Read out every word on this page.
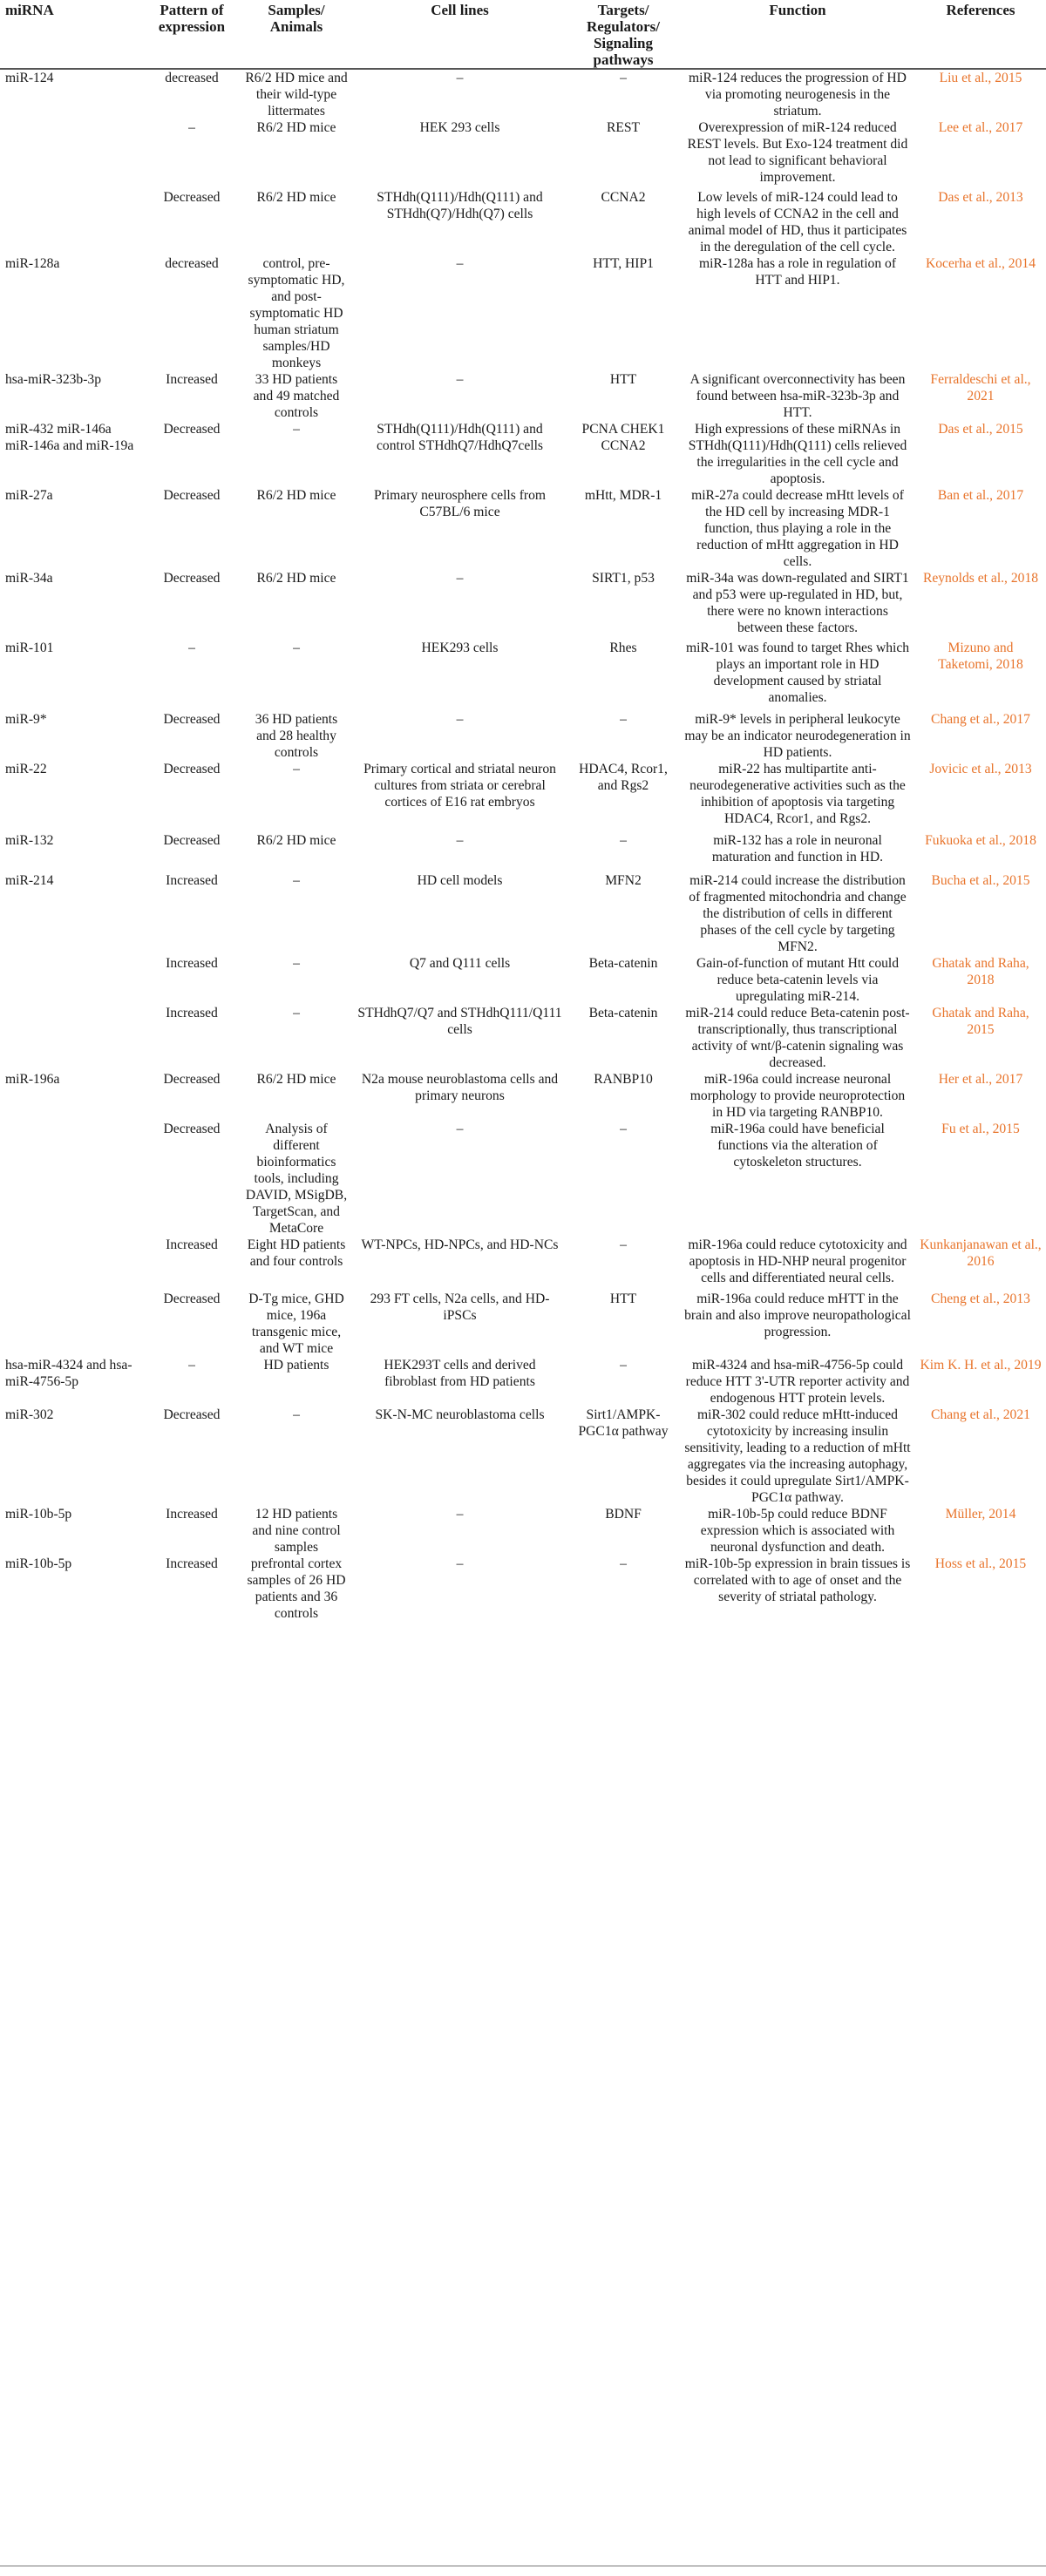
miRNA	Pattern of expression	Samples/ Animals	Cell lines	Targets/ Regulators/ Signaling pathways	Function	References
miR-124	decreased	R6/2 HD mice and their wild-type littermates	–	–	miR-124 reduces the progression of HD via promoting neurogenesis in the striatum.	Liu et al., 2015
	–	R6/2 HD mice	HEK 293 cells	REST	Overexpression of miR-124 reduced REST levels. But Exo-124 treatment did not lead to significant behavioral improvement.	Lee et al., 2017
	Decreased	R6/2 HD mice	STHdh(Q111)/Hdh(Q111) and STHdh(Q7)/Hdh(Q7) cells	CCNA2	Low levels of miR-124 could lead to high levels of CCNA2 in the cell and animal model of HD, thus it participates in the deregulation of the cell cycle.	Das et al., 2013
miR-128a	decreased	control, pre-symptomatic HD, and post-symptomatic HD human striatum samples/HD monkeys	–	HTT, HIP1	miR-128a has a role in regulation of HTT and HIP1.	Kocerha et al., 2014
hsa-miR-323b-3p	Increased	33 HD patients and 49 matched controls	–	HTT	A significant overconnectivity has been found between hsa-miR-323b-3p and HTT.	Ferraldeschi et al., 2021
miR-432 miR-146a miR-146a and miR-19a	Decreased	–	STHdh(Q111)/Hdh(Q111) and control STHdhQ7/HdhQ7cells	PCNA CHEK1 CCNA2	High expressions of these miRNAs in STHdh(Q111)/Hdh(Q111) cells relieved the irregularities in the cell cycle and apoptosis.	Das et al., 2015
miR-27a	Decreased	R6/2 HD mice	Primary neurosphere cells from C57BL/6 mice	mHtt, MDR-1	miR-27a could decrease mHtt levels of the HD cell by increasing MDR-1 function, thus playing a role in the reduction of mHtt aggregation in HD cells.	Ban et al., 2017
miR-34a	Decreased	R6/2 HD mice	–	SIRT1, p53	miR-34a was down-regulated and SIRT1 and p53 were up-regulated in HD, but, there were no known interactions between these factors.	Reynolds et al., 2018
miR-101	–	–	HEK293 cells	Rhes	miR-101 was found to target Rhes which plays an important role in HD development caused by striatal anomalies.	Mizuno and Taketomi, 2018
miR-9*	Decreased	36 HD patients and 28 healthy controls	–	–	miR-9* levels in peripheral leukocyte may be an indicator neurodegeneration in HD patients.	Chang et al., 2017
miR-22	Decreased	–	Primary cortical and striatal neuron cultures from striata or cerebral cortices of E16 rat embryos	HDAC4, Rcor1, and Rgs2	miR-22 has multipartite anti-neurodegenerative activities such as the inhibition of apoptosis via targeting HDAC4, Rcor1, and Rgs2.	Jovicic et al., 2013
miR-132	Decreased	R6/2 HD mice	–	–	miR-132 has a role in neuronal maturation and function in HD.	Fukuoka et al., 2018
miR-214	Increased	–	HD cell models	MFN2	miR-214 could increase the distribution of fragmented mitochondria and change the distribution of cells in different phases of the cell cycle by targeting MFN2.	Bucha et al., 2015
	Increased	–	Q7 and Q111 cells	Beta-catenin	Gain-of-function of mutant Htt could reduce beta-catenin levels via upregulating miR-214.	Ghatak and Raha, 2018
	Increased	–	STHdhQ7/Q7 and STHdhQ111/Q111 cells	Beta-catenin	miR-214 could reduce Beta-catenin post-transcriptionally, thus transcriptional activity of wnt/β-catenin signaling was decreased.	Ghatak and Raha, 2015
miR-196a	Decreased	R6/2 HD mice	N2a mouse neuroblastoma cells and primary neurons	RANBP10	miR-196a could increase neuronal morphology to provide neuroprotection in HD via targeting RANBP10.	Her et al., 2017
	Decreased	Analysis of different bioinformatics tools, including DAVID, MSigDB, TargetScan, and MetaCore	–	–	miR-196a could have beneficial functions via the alteration of cytoskeleton structures.	Fu et al., 2015
	Increased	Eight HD patients and four controls	WT-NPCs, HD-NPCs, and HD-NCs	–	miR-196a could reduce cytotoxicity and apoptosis in HD-NHP neural progenitor cells and differentiated neural cells.	Kunkanjanawan et al., 2016
	Decreased	D-Tg mice, GHD mice, 196a transgenic mice, and WT mice	293 FT cells, N2a cells, and HD-iPSCs	HTT	miR-196a could reduce mHTT in the brain and also improve neuropathological progression.	Cheng et al., 2013
hsa-miR-4324 and hsa-miR-4756-5p	–	HD patients	HEK293T cells and derived fibroblast from HD patients	–	miR-4324 and hsa-miR-4756-5p could reduce HTT 3'-UTR reporter activity and endogenous HTT protein levels.	Kim K. H. et al., 2019
miR-302	Decreased	–	SK-N-MC neuroblastoma cells	Sirt1/AMPK-PGC1α pathway	miR-302 could reduce mHtt-induced cytotoxicity by increasing insulin sensitivity, leading to a reduction of mHtt aggregates via the increasing autophagy, besides it could upregulate Sirt1/AMPK-PGC1α pathway.	Chang et al., 2021
miR-10b-5p	Increased	12 HD patients and nine control samples	–	BDNF	miR-10b-5p could reduce BDNF expression which is associated with neuronal dysfunction and death.	Müller, 2014
miR-10b-5p	Increased	prefrontal cortex samples of 26 HD patients and 36 controls	–	–	miR-10b-5p expression in brain tissues is correlated with to age of onset and the severity of striatal pathology.	Hoss et al., 2015
